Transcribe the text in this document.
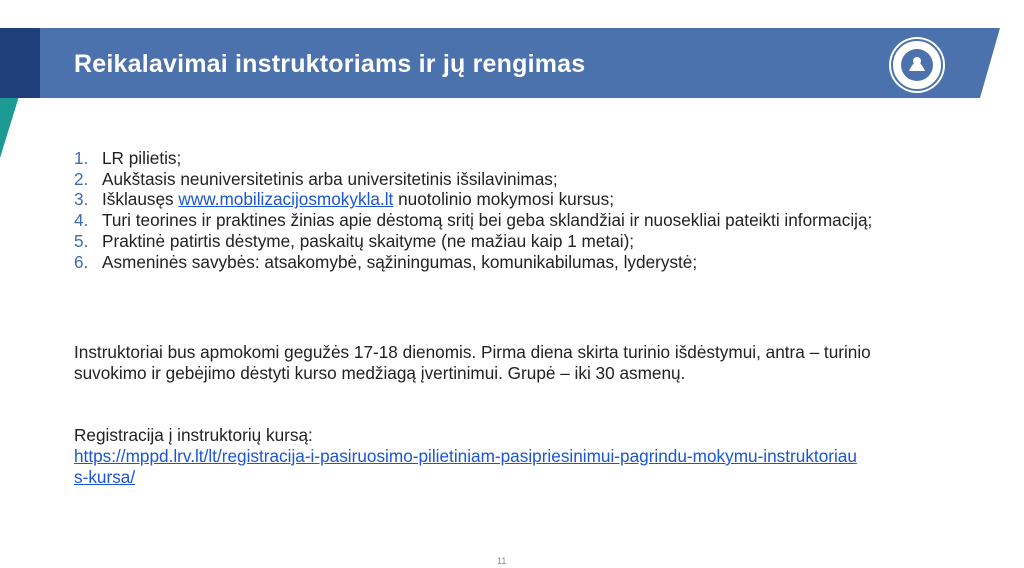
Reikalavimai instruktoriams ir jų rengimas
1. LR pilietis;
2. Aukštasis neuniversitetinis arba universitetinis išsilavinimas;
3. Išklausęs www.mobilizacijosmokykla.lt nuotolinio mokymosi kursus;
4. Turi teorines ir praktines žinias apie dėstomą sritį bei geba sklandžiai ir nuosekliai pateikti informaciją;
5. Praktinė patirtis dėstyme, paskaitų skaityme (ne mažiau kaip 1 metai);
6. Asmeninės savybės: atsakomybė, sąžiningumas, komunikabilumas, lyderystė;
Instruktoriai bus apmokomi gegužės 17-18 dienomis. Pirma diena skirta turinio išdėstymui, antra – turinio suvokimo ir gebėjimo dėstyti kurso medžiagą įvertinimui. Grupė – iki 30 asmenų.
Registracija į instruktorių kursą:
https://mppd.lrv.lt/lt/registracija-i-pasiruosimo-pilietiniam-pasipriesinimui-pagrindu-mokymu-instruktoriaus-kursa/
11
